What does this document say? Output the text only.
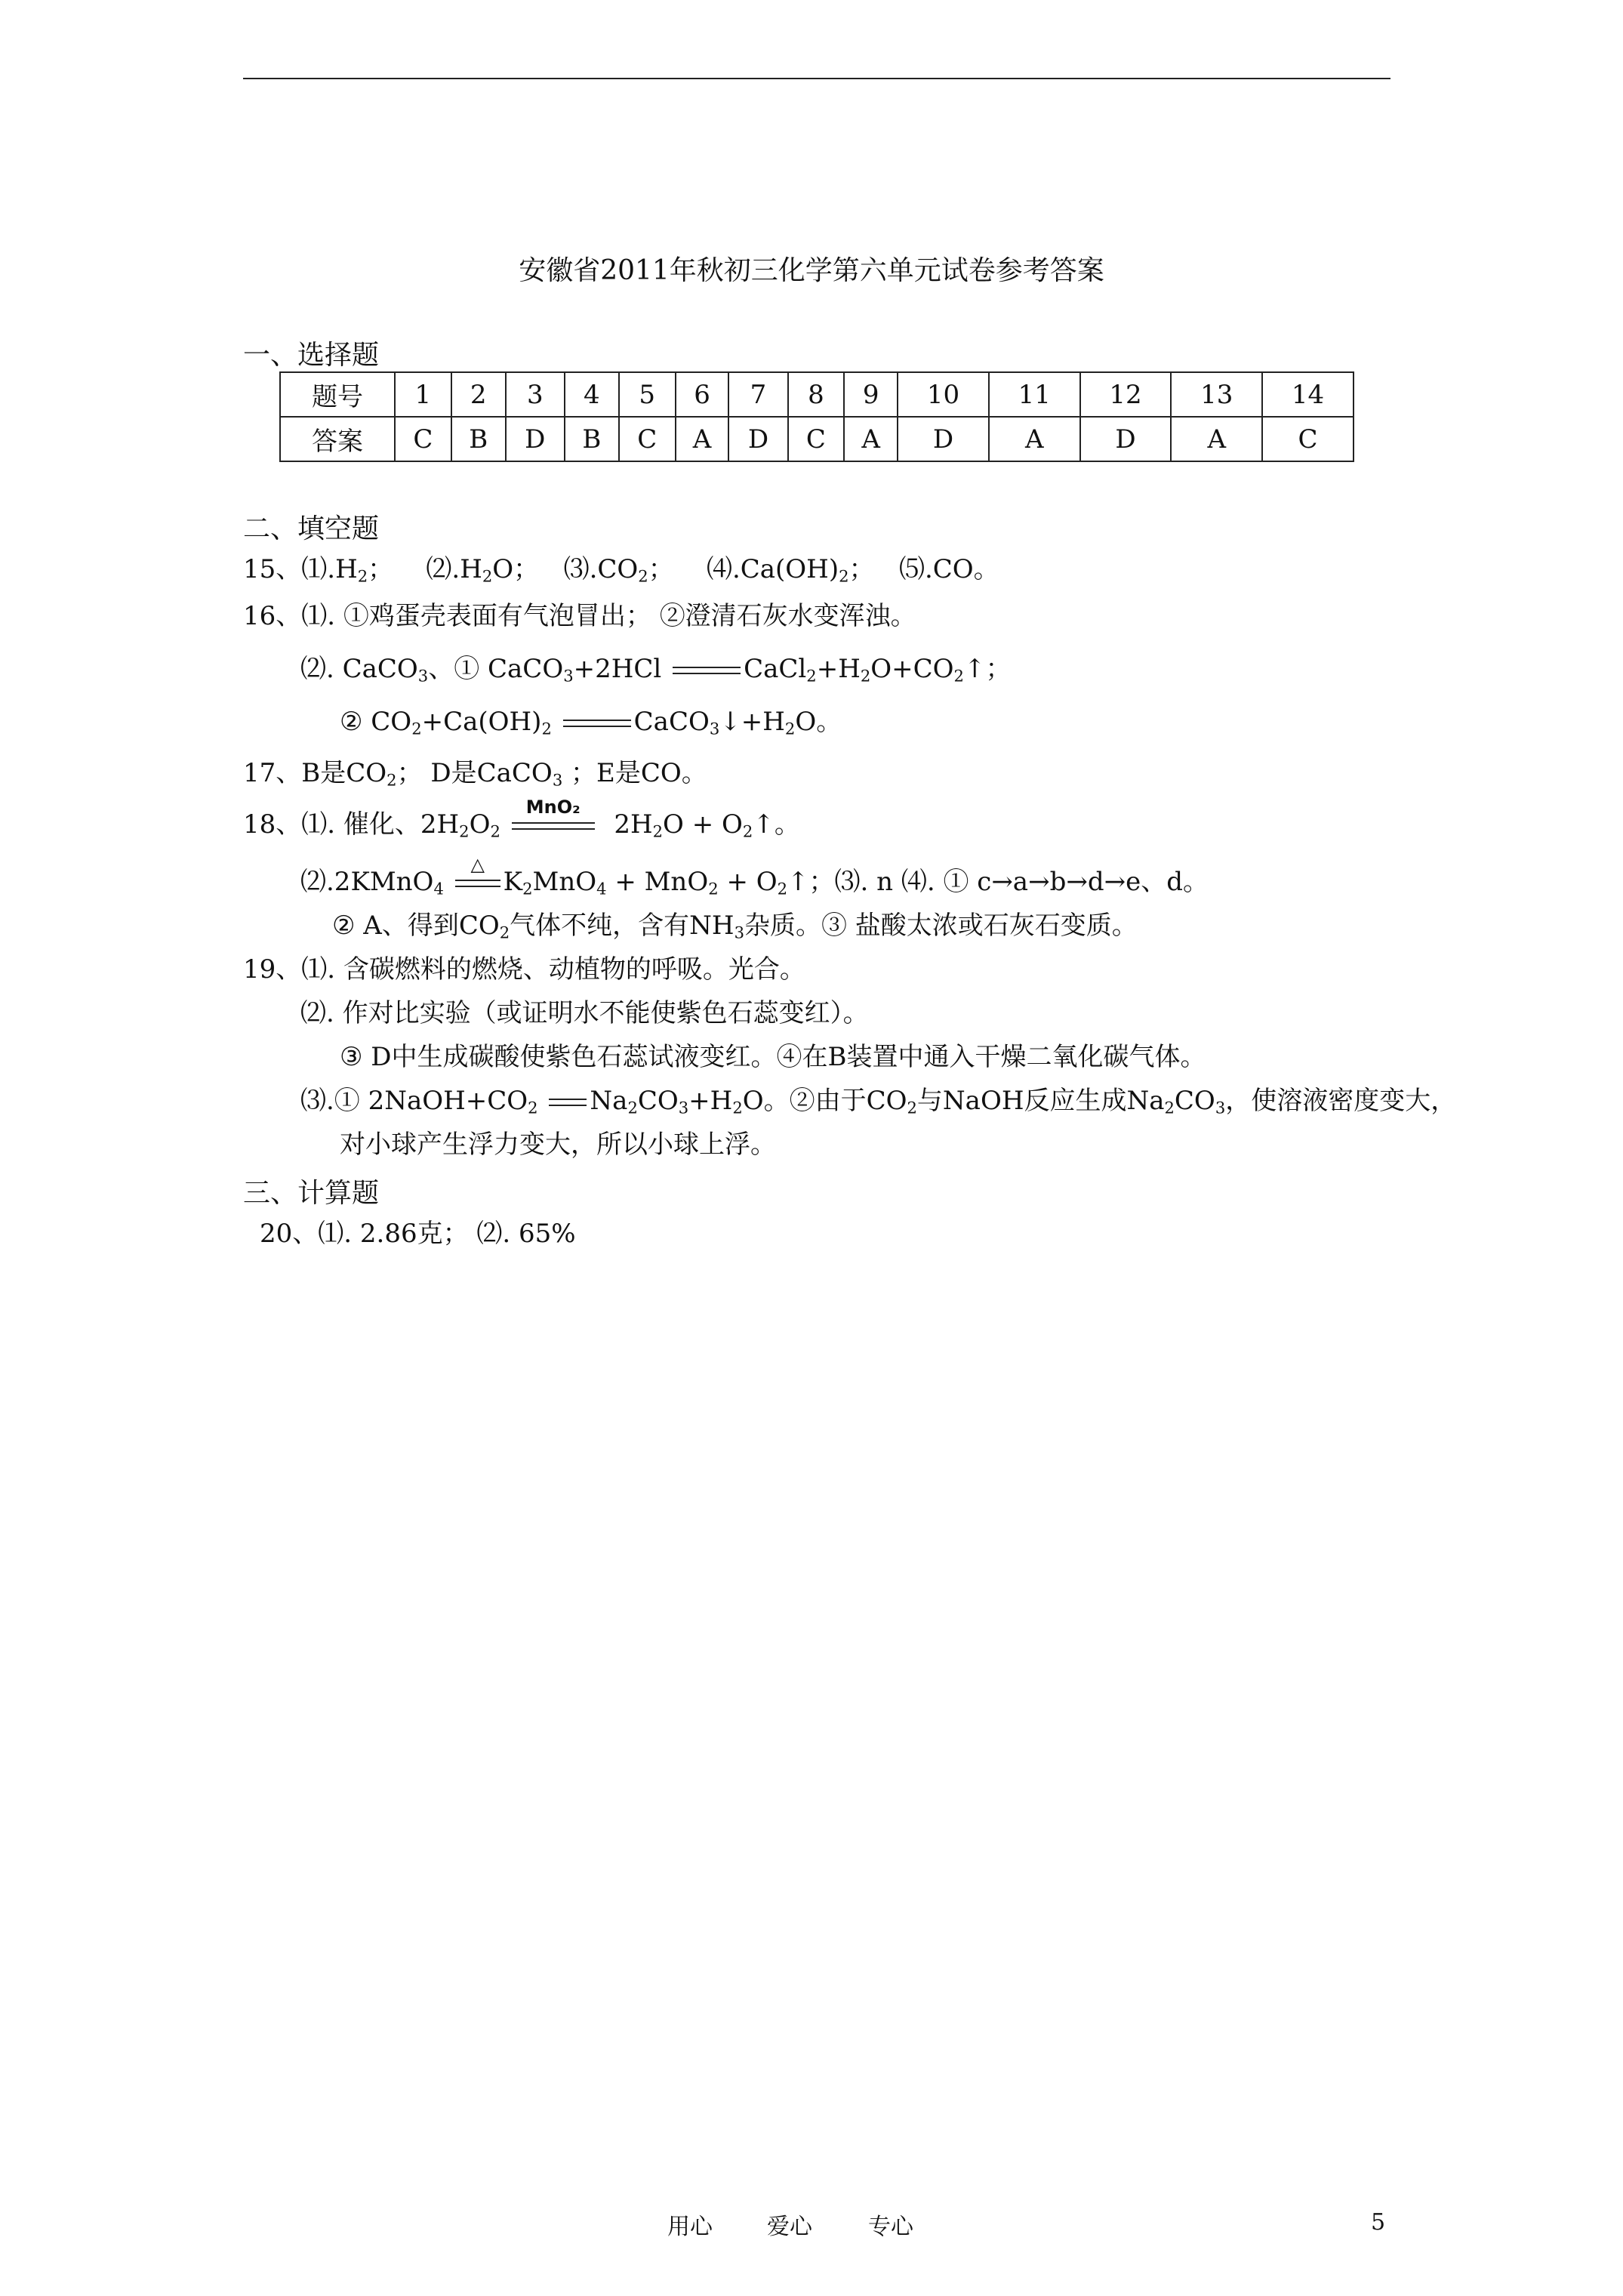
安徽省2011年秋初三化学第六单元试卷参考答案
一、选择题
题号	1	2	3	4	5	6	7	8	9	10	11	12	13	14
答案	C	B	D	B	C	A	D	C	A	D	A	D	A	C
二、填空题
15、$⑴.H_2$； $⑵.H_2O$； $⑶.CO_2$； $⑷.Ca(OH)_2$； ⑸.CO。
16、⑴. ①鸡蛋壳表面有气泡冒出； ②澄清石灰水变浑浊。
⑵. CaCO$_3$、① CaCO$_3$+2HCl	$CaCl_2+H_2O+CO_2↑$；
② $CO_2+Ca(OH)_2$	$CaCO_3↓+H_2O$。
17、B是$CO_2$； D是CaCO$_3$ ；E是CO。
18、⑴. 催化、$2H_2O_2$
MnO₂
$2H_2O$ + $O_2↑$。
⑵.2KMnO$_4$
△
$K_2MnO_4 + MnO_2$ + $O_2↑$；⑶. n ⑷. ① c→a→b→d→e、d。
② A、得到$CO_2$气体不纯，含有$NH_3$杂质。③ 盐酸太浓或石灰石变质。
19、⑴. 含碳燃料的燃烧、动植物的呼吸。光合。
⑵. 作对比实验（或证明水不能使紫色石蕊变红）。
③ D中生成碳酸使紫色石蕊试液变红。④在B装置中通入干燥二氧化碳气体。
⑶.① $2NaOH+CO_2$ $Na_2CO_3+H_2O$。②由于$CO_2$与NaOH反应生成$Na_2CO_3$，使溶液密度变大，
对小球产生浮力变大，所以小球上浮。
三、计算题
20、⑴. 2.86克； ⑵. 65%
用心 爱心 专心	5
